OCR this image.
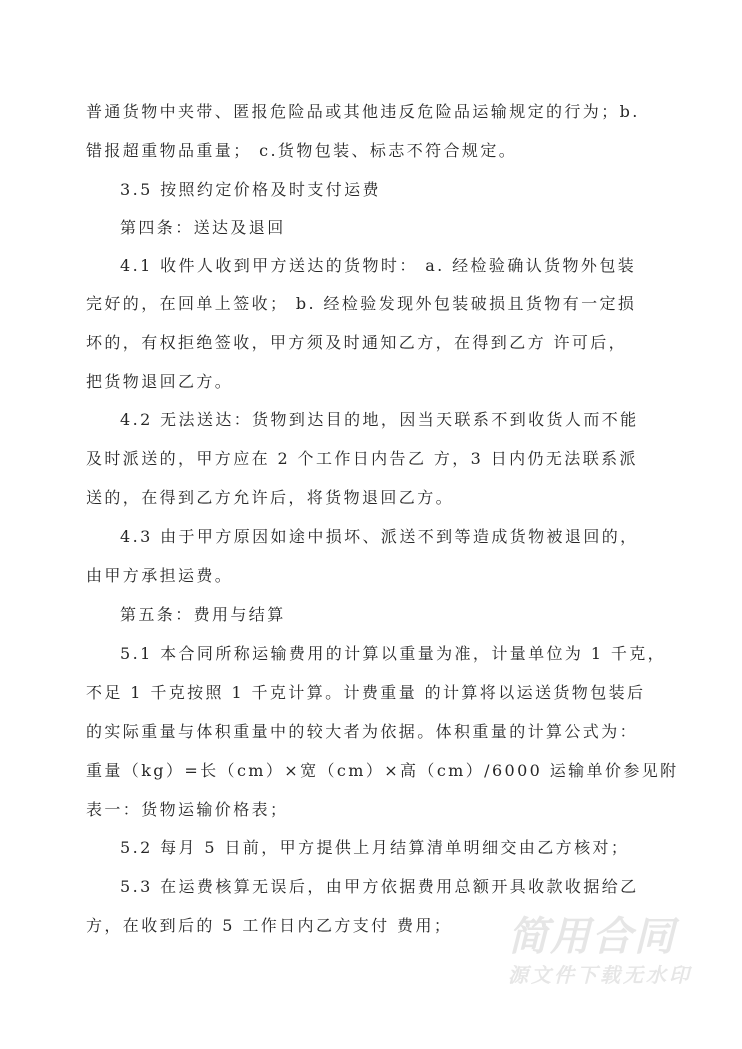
普通货物中夹带、匿报危险品或其他违反危险品运输规定的行为；b.
错报超重物品重量； c.货物包装、标志不符合规定。
3.5 按照约定价格及时支付运费
第四条：送达及退回
4.1 收件人收到甲方送达的货物时： a. 经检验确认货物外包装
完好的，在回单上签收； b. 经检验发现外包装破损且货物有一定损
坏的，有权拒绝签收，甲方须及时通知乙方，在得到乙方 许可后，
把货物退回乙方。
4.2 无法送达：货物到达目的地，因当天联系不到收货人而不能
及时派送的，甲方应在 2 个工作日内告乙 方，3 日内仍无法联系派
送的，在得到乙方允许后，将货物退回乙方。
4.3 由于甲方原因如途中损坏、派送不到等造成货物被退回的，
由甲方承担运费。
第五条：费用与结算
5.1 本合同所称运输费用的计算以重量为准，计量单位为 1 千克，
不足 1 千克按照 1 千克计算。计费重量 的计算将以运送货物包装后
的实际重量与体积重量中的较大者为依据。体积重量的计算公式为：
重量（kg）=长（cm）×宽（cm）×高（cm）/6000 运输单价参见附
表一：货物运输价格表；
5.2 每月 5 日前，甲方提供上月结算清单明细交由乙方核对；
5.3 在运费核算无误后，由甲方依据费用总额开具收款收据给乙
方，在收到后的 5 工作日内乙方支付 费用； 简用合同
源文件下载无水印
